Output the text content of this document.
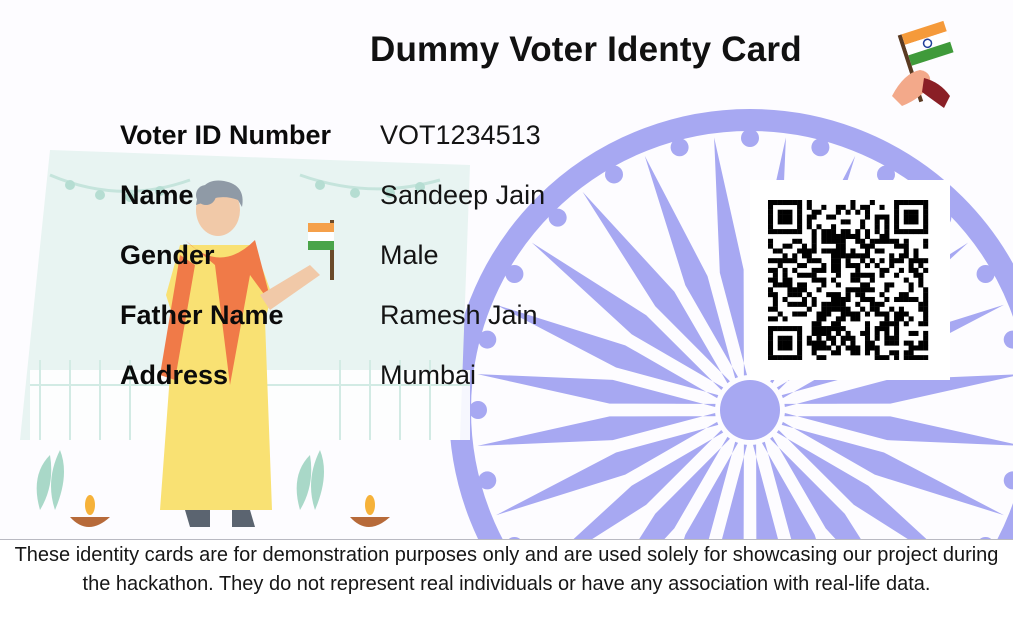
Dummy Voter Identy Card
Voter ID Number VOT1234513
Name	Sandeep Jain
Gender	Male
Father Name	Ramesh Jain
Address	Mumbai

These identity cards are for demonstration purposes only and are used solely for showcasing our project during the hackathon. They do not represent real individuals or have any association with real-life data.
